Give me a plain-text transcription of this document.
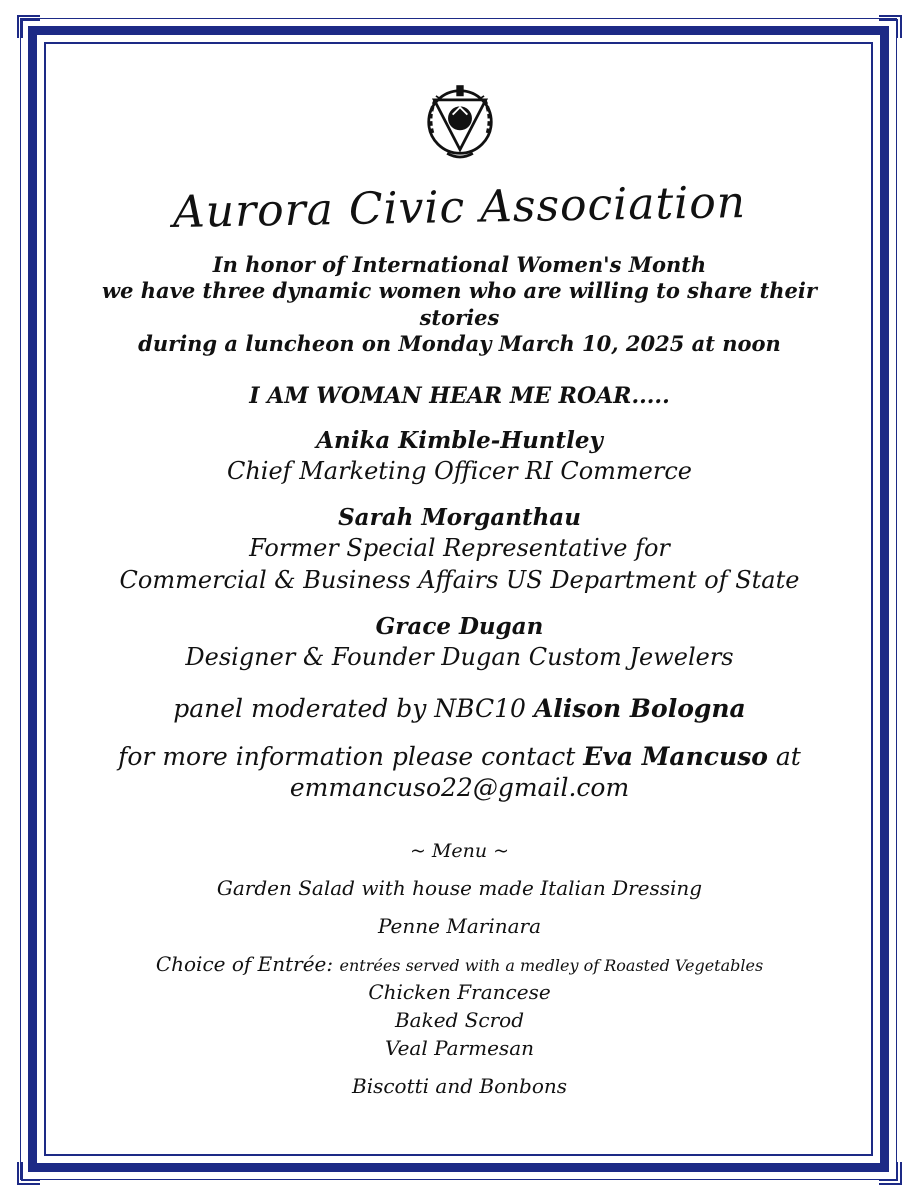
Aurora Civic Association
In honor of International Women's Month
we have three dynamic women who are willing to share their stories
during a luncheon on Monday March 10, 2025 at noon
I AM WOMAN HEAR ME ROAR.....
Anika Kimble-Huntley
Chief Marketing Officer RI Commerce
Sarah Morganthau
Former Special Representative for
Commercial & Business Affairs US Department of State
Grace Dugan
Designer & Founder Dugan Custom Jewelers
panel moderated by NBC10 Alison Bologna
for more information please contact Eva Mancuso at
emmancuso22@gmail.com
~ Menu ~
Garden Salad with house made Italian Dressing
Penne Marinara
Choice of Entrée: entrées served with a medley of Roasted Vegetables
Chicken Francese
Baked Scrod
Veal Parmesan
Biscotti and Bonbons
